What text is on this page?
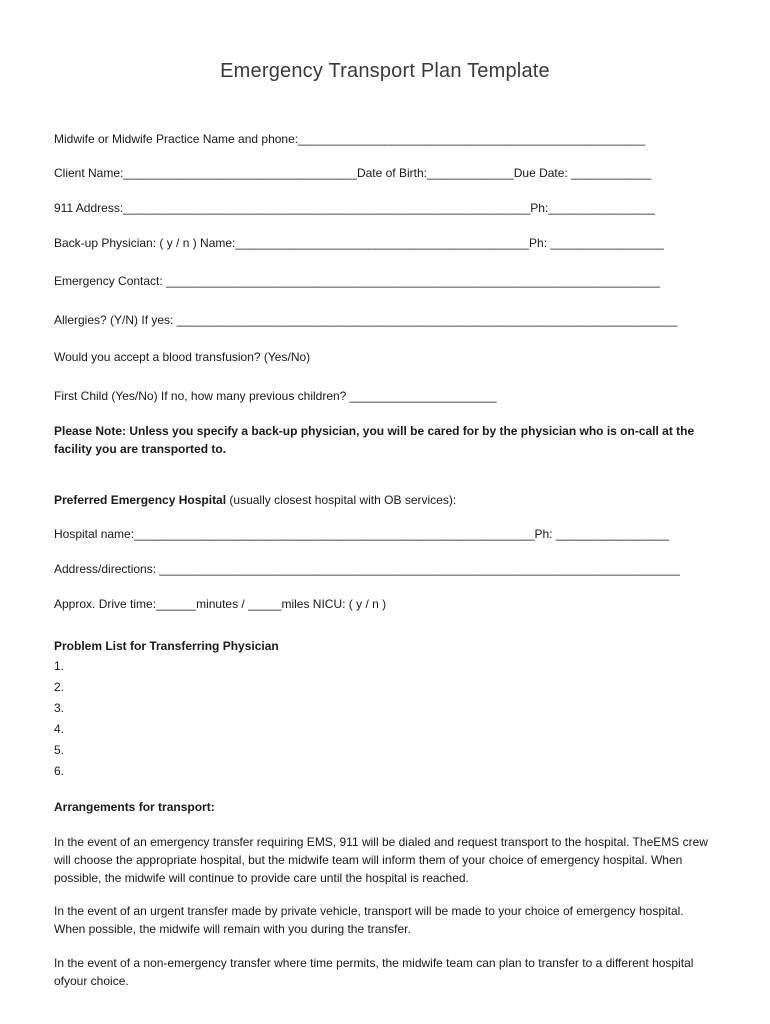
Emergency Transport Plan Template
Midwife or Midwife Practice Name and phone:____________________________________________________
Client Name:___________________________________Date of Birth:_____________Due Date: ____________
911 Address:_____________________________________________________________Ph:________________
Back-up Physician: ( y / n ) Name:____________________________________________Ph: _________________
Emergency Contact: __________________________________________________________________________
Allergies? (Y/N) If yes: ___________________________________________________________________________
Would you accept a blood transfusion? (Yes/No)
First Child (Yes/No) If no, how many previous children? ______________________
Please Note: Unless you specify a back-up physician, you will be cared for by the physician who is on-call at the facility you are transported to.
Preferred Emergency Hospital (usually closest hospital with OB services):
Hospital name:____________________________________________________________Ph: _________________
Address/directions: ______________________________________________________________________________
Approx. Drive time:______minutes / _____miles NICU: ( y / n )
Problem List for Transferring Physician
1.
2.
3.
4.
5.
6.
Arrangements for transport:
In the event of an emergency transfer requiring EMS, 911 will be dialed and request transport to the hospital. TheEMS crew will choose the appropriate hospital, but the midwife team will inform them of your choice of emergency hospital. When possible, the midwife will continue to provide care until the hospital is reached.
In the event of an urgent transfer made by private vehicle, transport will be made to your choice of emergency hospital. When possible, the midwife will remain with you during the transfer.
In the event of a non-emergency transfer where time permits, the midwife team can plan to transfer to a different hospital ofyour choice.
